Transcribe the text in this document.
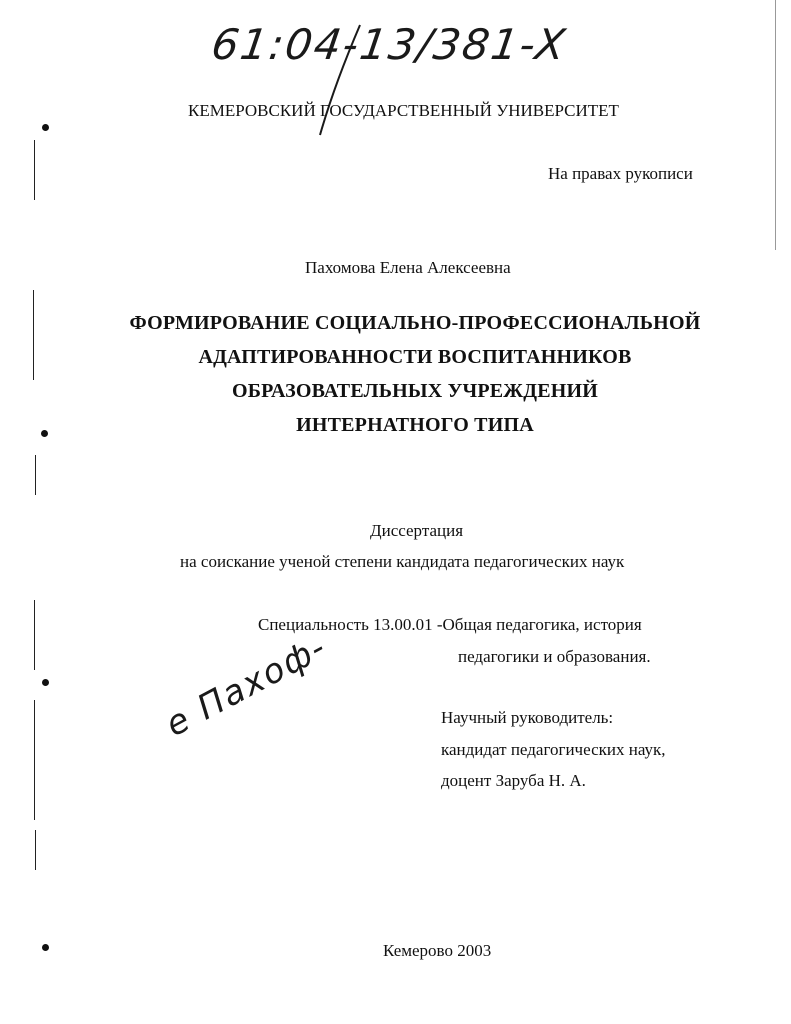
61:04-13/381-X
КЕМЕРОВСКИЙ ГОСУДАРСТВЕННЫЙ УНИВЕРСИТЕТ
На правах рукописи
Пахомова Елена Алексеевна
ФОРМИРОВАНИЕ СОЦИАЛЬНО-ПРОФЕССИОНАЛЬНОЙ
АДАПТИРОВАННОСТИ ВОСПИТАННИКОВ
ОБРАЗОВАТЕЛЬНЫХ УЧРЕЖДЕНИЙ
ИНТЕРНАТНОГО ТИПА
Диссертация
на соискание ученой степени кандидата педагогических наук
Специальность 13.00.01 -Общая педагогика, история
педагогики и образования.
Научный руководитель:
кандидат педагогических наук,
доцент Заруба Н. А.
е Пахоф-
Кемерово 2003
